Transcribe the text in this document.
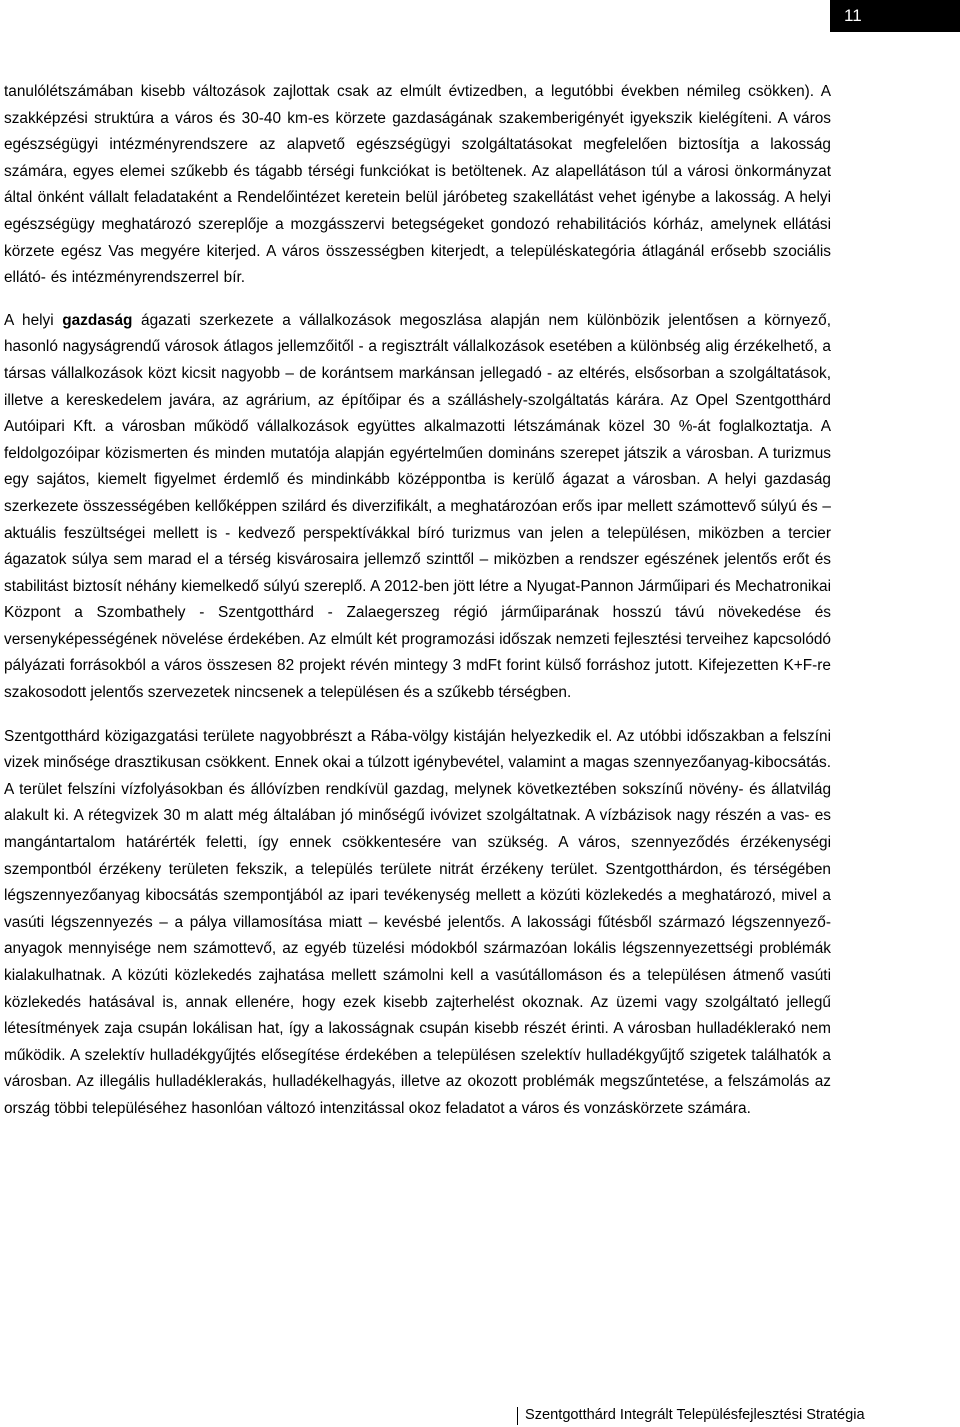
11

tanulólétszámában kisebb változások zajlottak csak az elmúlt évtizedben, a legutóbbi években némileg csökken). A szakképzési struktúra a város és 30-40 km-es körzete gazdaságának szakemberigényét igyekszik kielégíteni. A város egészségügyi intézményrendszere az alapvető egészségügyi szolgáltatásokat megfelelően biztosítja a lakosság számára, egyes elemei szűkebb és tágabb térségi funkciókat is betöltenek. Az alapellátáson túl a városi önkormányzat által önként vállalt feladataként a Rendelőintézet keretein belül járóbeteg szakellátást vehet igénybe a lakosság. A helyi egészségügy meghatározó szereplője a mozgásszervi betegségeket gondozó rehabilitációs kórház, amelynek ellátási körzete egész Vas megyére kiterjed. A város összességben kiterjedt, a településkategória átlagánál erősebb szociális ellátó- és intézményrendszerrel bír.

A helyi gazdaság ágazati szerkezete a vállalkozások megoszlása alapján nem különbözik jelentősen a környező, hasonló nagyságrendű városok átlagos jellemzőitől - a regisztrált vállalkozások esetében a különbség alig érzékelhető, a társas vállalkozások közt kicsit nagyobb – de korántsem markánsan jellegadó - az eltérés, elsősorban a szolgáltatások, illetve a kereskedelem javára, az agrárium, az építőipar és a szálláshely-szolgáltatás kárára. Az Opel Szentgotthárd Autóipari Kft. a városban működő vállalkozások együttes alkalmazotti létszámának közel 30 %-át foglalkoztatja. A feldolgozóipar közismerten és minden mutatója alapján egyértelműen domináns szerepet játszik a városban. A turizmus egy sajátos, kiemelt figyelmet érdemlő és mindinkább középpontba is kerülő ágazat a városban. A helyi gazdaság szerkezete összességében kellőképpen szilárd és diverzifikált, a meghatározóan erős ipar mellett számottevő súlyú és – aktuális feszültségei mellett is - kedvező perspektívákkal bíró turizmus van jelen a településen, miközben a tercier ágazatok súlya sem marad el a térség kisvárosaira jellemző szinttől – miközben a rendszer egészének jelentős erőt és stabilitást biztosít néhány kiemelkedő súlyú szereplő. A 2012-ben jött létre a Nyugat-Pannon Járműipari és Mechatronikai Központ a Szombathely - Szentgotthárd - Zalaegerszeg régió járműiparának hosszú távú növekedése és versenyképességének növelése érdekében. Az elmúlt két programozási időszak nemzeti fejlesztési terveihez kapcsolódó pályázati forrásokból a város összesen 82 projekt révén mintegy 3 mdFt forint külső forráshoz jutott. Kifejezetten K+F-re szakosodott jelentős szervezetek nincsenek a településen és a szűkebb térségben.

Szentgotthárd közigazgatási területe nagyobbrészt a Rába-völgy kistáján helyezkedik el. Az utóbbi időszakban a felszíni vizek minősége drasztikusan csökkent. Ennek okai a túlzott igénybevétel, valamint a magas szennyezőanyag-kibocsátás. A terület felszíni vízfolyásokban és állóvízben rendkívül gazdag, melynek következtében sokszínű növény- és állatvilág alakult ki. A rétegvizek 30 m alatt még általában jó minőségű ivóvizet szolgáltatnak. A vízbázisok nagy részén a vas- es mangántartalom határérték feletti, így ennek csökkentesére van szükség. A város, szennyeződés érzékenységi szempontból érzékeny területen fekszik, a település területe nitrát érzékeny terület. Szentgotthárdon, és térségében légszennyezőanyag kibocsátás szempontjából az ipari tevékenység mellett a közúti közlekedés a meghatározó, mivel a vasúti légszennyezés – a pálya villamosítása miatt – kevésbé jelentős. A lakossági fűtésből származó légszennyező-anyagok mennyisége nem számottevő, az egyéb tüzelési módokból származóan lokális légszennyezettségi problémák kialakulhatnak. A közúti közlekedés zajhatása mellett számolni kell a vasútállomáson és a településen átmenő vasúti közlekedés hatásával is, annak ellenére, hogy ezek kisebb zajterhelést okoznak. Az üzemi vagy szolgáltató jellegű létesítmények zaja csupán lokálisan hat, így a lakosságnak csupán kisebb részét érinti. A városban hulladéklerakó nem működik. A szelektív hulladékgyűjtés elősegítése érdekében a településen szelektív hulladékgyűjtő szigetek találhatók a városban. Az illegális hulladéklerakás, hulladékelhagyás, illetve az okozott problémák megszűntetése, a felszámolás az ország többi településéhez hasonlóan változó intenzitással okoz feladatot a város és vonzáskörzete számára.

Szentgotthárd Integrált Településfejlesztési Stratégia
